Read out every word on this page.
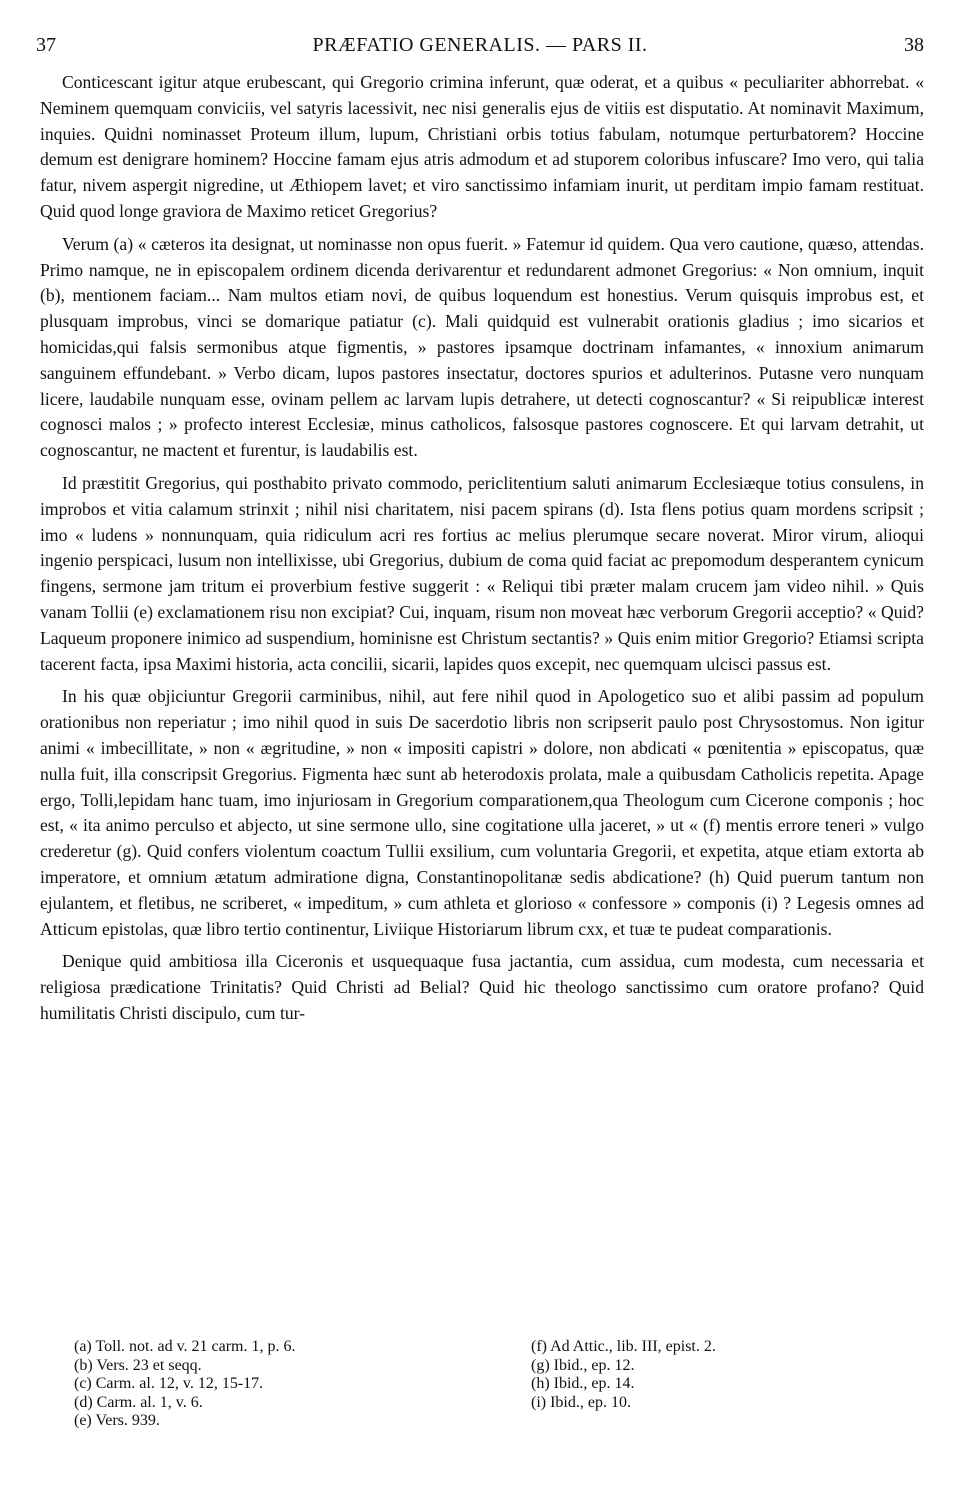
37	PRÆFATIO GENERALIS. — PARS II.	38

Conticescant igitur atque erubescant, qui Gregorio crimina inferunt, quæ oderat, et a quibus « peculiariter abhorrebat. « Neminem quemquam conviciis, vel satyris lacessivit, nec nisi generalis ejus de vitiis est disputatio. At nominavit Maximum, inquies. Quidni nominasset Proteum illum, lupum, Christiani orbis totius fabulam, notumque perturbatorem? Hoccine demum est denigrare hominem? Hoccine famam ejus atris admodum et ad stuporem coloribus infuscare? Imo vero, qui talia fatur, nivem aspergit nigredine, ut Æthiopem lavet; et viro sanctissimo infamiam inurit, ut perditam impio famam restituat. Quid quod longe graviora de Maximo reticet Gregorius?

Verum (a) « cæteros ita designat, ut nominasse non opus fuerit. » Fatemur id quidem. Qua vero cautione, quæso, attendas. Primo namque, ne in episcopalem ordinem dicenda derivarentur et redundarent admonet Gregorius: « Non omnium, inquit (b), mentionem faciam... Nam multos etiam novi, de quibus loquendum est honestius. Verum quisquis improbus est, et plusquam improbus, vinci se domarique patiatur (c). Mali quidquid est vulnerabit orationis gladius ; imo sicarios et homicidas,qui falsis sermonibus atque figmentis, » pastores ipsamque doctrinam infamantes, « innoxium animarum sanguinem effundebant. » Verbo dicam, lupos pastores insectatur, doctores spurios et adulterinos. Putasne vero nunquam licere, laudabile nunquam esse, ovinam pellem ac larvam lupis detrahere, ut detecti cognoscantur? « Si reipublicæ interest cognosci malos ; » profecto interest Ecclesiæ, minus catholicos, falsosque pastores cognoscere. Et qui larvam detrahit, ut cognoscantur, ne mactent et furentur, is laudabilis est.

Id præstitit Gregorius, qui posthabito privato commodo, periclitentium saluti animarum Ecclesiæque totius consulens, in improbos et vitia calamum strinxit ; nihil nisi charitatem, nisi pacem spirans (d). Ista flens potius quam mordens scripsit ; imo « ludens » nonnunquam, quia ridiculum acri res fortius ac melius plerumque secare noverat. Miror virum, alioqui ingenio perspicaci, lusum non intellixisse, ubi Gregorius, dubium de coma quid faciat ac prepomodum desperantem cynicum fingens, sermone jam tritum ei proverbium festive suggerit : « Reliqui tibi præter malam crucem jam video nihil. » Quis vanam Tollii (e) exclamationem risu non excipiat? Cui, inquam, risum non moveat hæc verborum Gregorii acceptio? « Quid? Laqueum proponere inimico ad suspendium, hominisne est Christum sectantis? » Quis enim mitior Gregorio? Etiamsi scripta tacerent facta, ipsa Maximi historia, acta concilii, sicarii, lapides quos excepit, nec quemquam ulcisci passus est.

In his quæ objiciuntur Gregorii carminibus, nihil, aut fere nihil quod in Apologetico suo et alibi passim ad populum orationibus non reperiatur ; imo nihil quod in suis De sacerdotio libris non scripserit paulo post Chrysostomus. Non igitur animi « imbecillitate, » non « ægritudine, » non « impositi capistri » dolore, non abdicati « pœnitentia » episcopatus, quæ nulla fuit, illa conscripsit Gregorius. Figmenta hæc sunt ab heterodoxis prolata, male a quibusdam Catholicis repetita. Apage ergo, Tolli,lepidam hanc tuam, imo injuriosam in Gregorium comparationem,qua Theologum cum Cicerone componis ; hoc est, « ita animo perculso et abjecto, ut sine sermone ullo, sine cogitatione ulla jaceret, » ut « (f) mentis errore teneri » vulgo crederetur (g). Quid confers violentum coactum Tullii exsilium, cum voluntaria Gregorii, et expetita, atque etiam extorta ab imperatore, et omnium ætatum admiratione digna, Constantinopolitanæ sedis abdicatione? (h) Quid puerum tantum non ejulantem, et fletibus, ne scriberet, « impeditum, » cum athleta et glorioso « confessore » componis (i) ? Legesis omnes ad Atticum epistolas, quæ libro tertio continentur, Liviique Historiarum librum cxx, et tuæ te pudeat comparationis.

Denique quid ambitiosa illa Ciceronis et usquequaque fusa jactantia, cum assidua, cum modesta, cum necessaria et religiosa prædicatione Trinitatis? Quid Christi ad Belial? Quid hic theologo sanctissimo cum oratore profano? Quid humilitatis Christi discipulo, cum tur-

(a) Toll. not. ad v. 21 carm. 1, p. 6.
(b) Vers. 23 et seqq.
(c) Carm. al. 12, v. 12, 15-17.
(d) Carm. al. 1, v. 6.
(e) Vers. 939.
(f) Ad Attic., lib. III, epist. 2.
(g) Ibid., ep. 12.
(h) Ibid., ep. 14.
(i) Ibid., ep. 10.
